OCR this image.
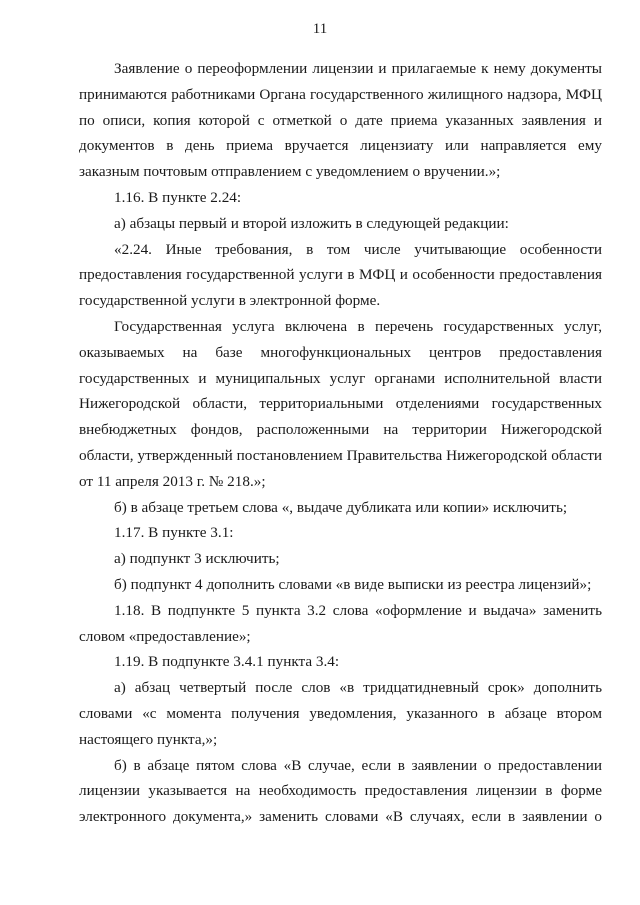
11

Заявление о переоформлении лицензии и прилагаемые к нему документы принимаются работниками Органа государственного жилищного надзора, МФЦ по описи, копия которой с отметкой о дате приема указанных заявления и документов в день приема вручается лицензиату или направляется ему заказным почтовым отправлением с уведомлением о вручении.»;

1.16. В пункте 2.24:

а) абзацы первый и второй изложить в следующей редакции:

«2.24. Иные требования, в том числе учитывающие особенности предоставления государственной услуги в МФЦ и особенности предоставления государственной услуги в электронной форме.

Государственная услуга включена в перечень государственных услуг, оказываемых на базе многофункциональных центров предоставления государственных и муниципальных услуг органами исполнительной власти Нижегородской области, территориальными отделениями государственных внебюджетных фондов, расположенными на территории Нижегородской области, утвержденный постановлением Правительства Нижегородской области от 11 апреля 2013 г. № 218.»;

б) в абзаце третьем слова «, выдаче дубликата или копии» исключить;

1.17. В пункте 3.1:

а) подпункт 3 исключить;

б) подпункт 4 дополнить словами «в виде выписки из реестра лицензий»;

1.18. В подпункте 5 пункта 3.2 слова «оформление и выдача» заменить словом «предоставление»;

1.19. В подпункте 3.4.1 пункта 3.4:

а) абзац четвертый после слов «в тридцатидневный срок» дополнить словами «с момента получения уведомления, указанного в абзаце втором настоящего пункта,»;

б) в абзаце пятом слова «В случае, если в заявлении о предоставлении лицензии указывается на необходимость предоставления лицензии в форме электронного документа,» заменить словами «В случаях, если в заявлении о
